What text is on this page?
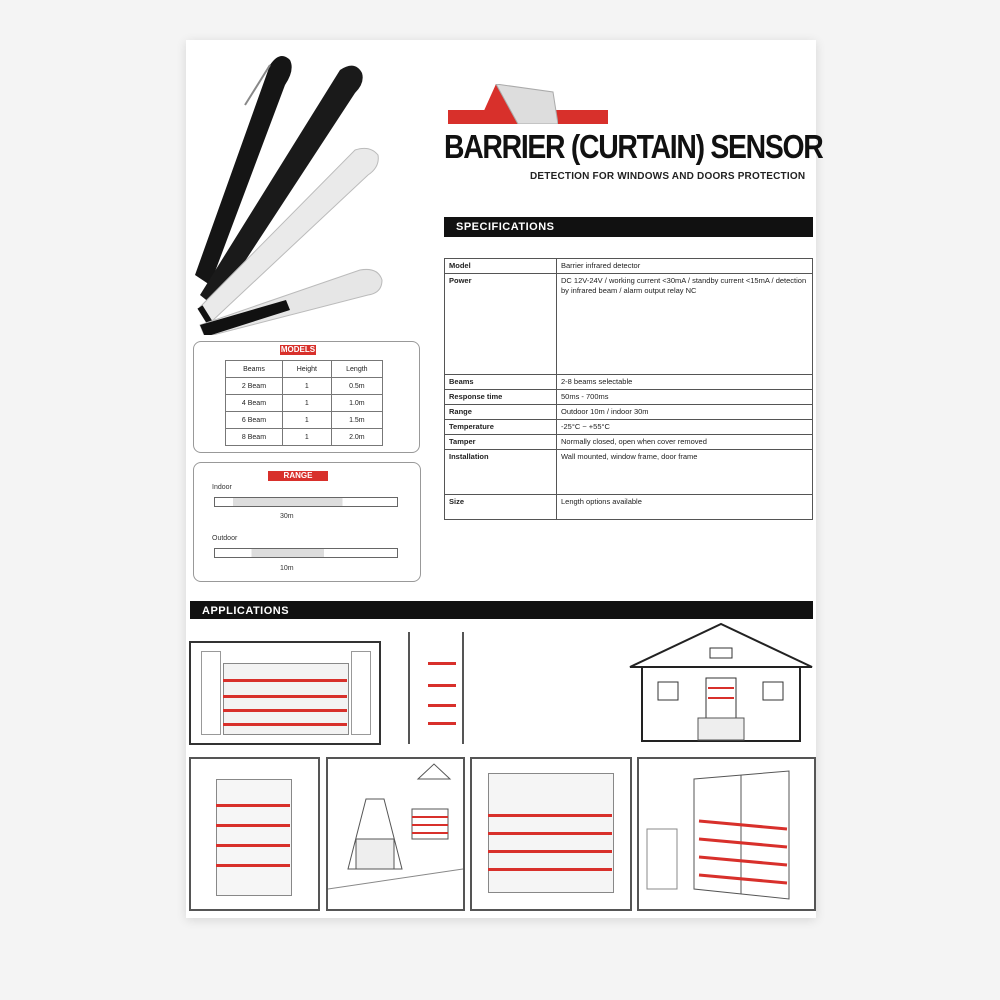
BARRIER (CURTAIN) SENSOR
DETECTION FOR WINDOWS AND DOORS PROTECTION
SPECIFICATIONS
Model	Barrier infrared detector
Power	DC 12V-24V / working current <30mA / standby current <15mA / detection by infrared beam / alarm output relay NC
Beams	2-8 beams selectable
Response time	50ms - 700ms
Range	Outdoor 10m / indoor 30m
Temperature	-25°C ~ +55°C
Tamper	Normally closed, open when cover removed
Installation	Wall mounted, window frame, door frame
Size	Length options available
MODELS
Beams	Height	Length
2 Beam	1	0.5m
4 Beam	1	1.0m
6 Beam	1	1.5m
8 Beam	1	2.0m
RANGE
Indoor
30m
Outdoor
10m
APPLICATIONS
